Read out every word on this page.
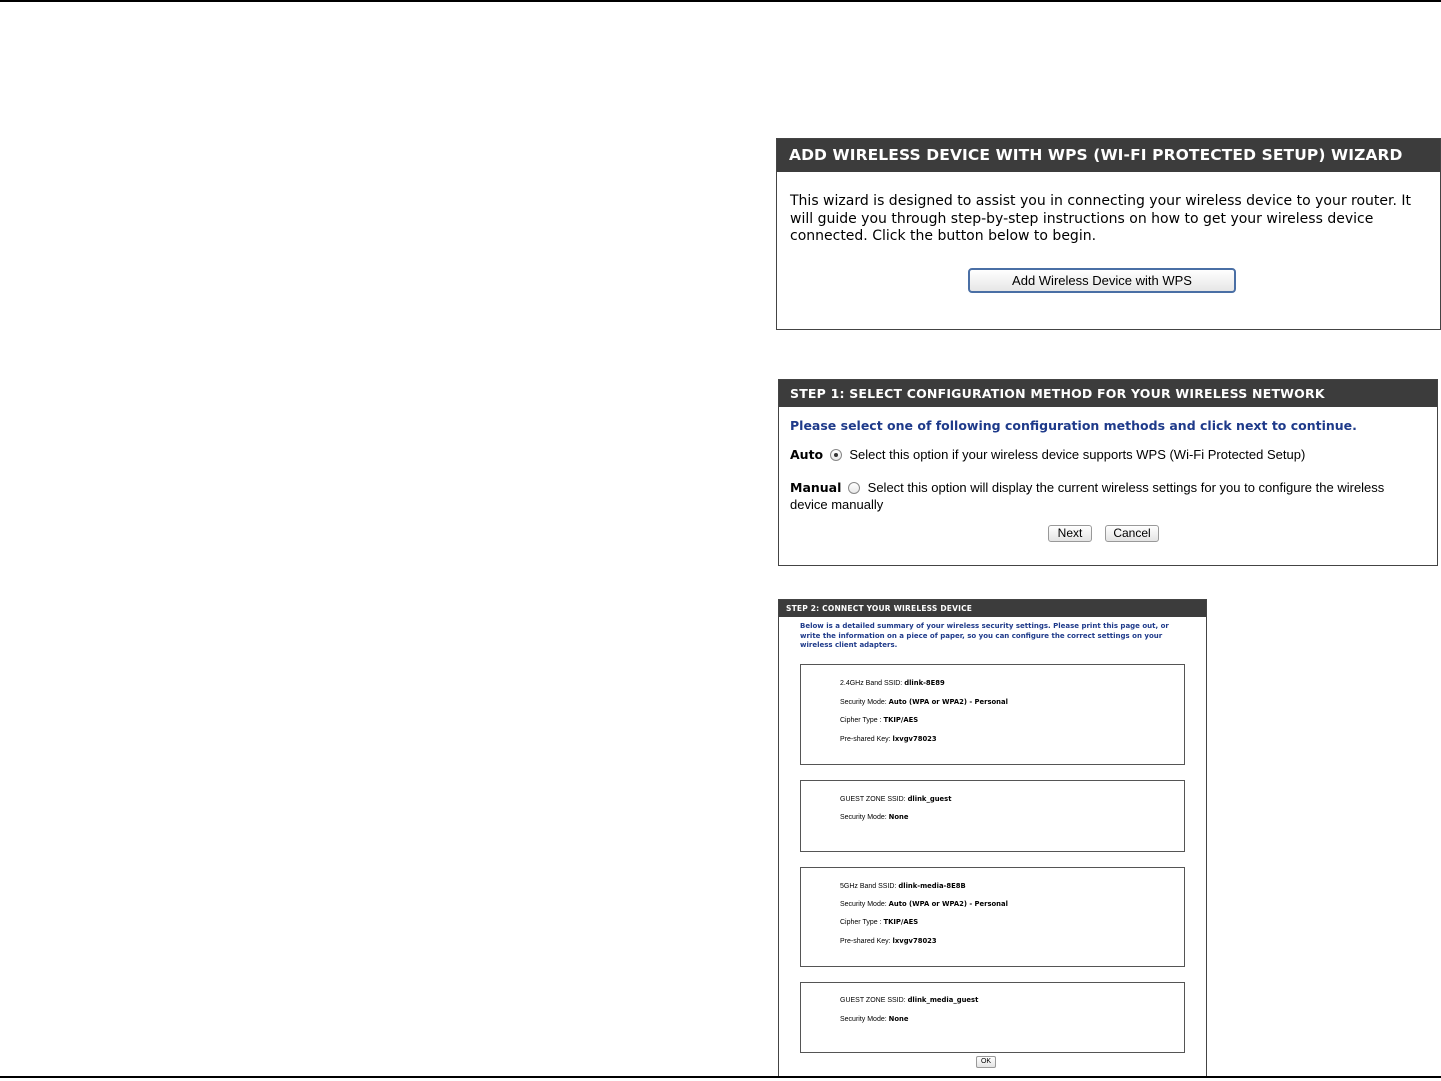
ADD WIRELESS DEVICE WITH WPS (WI-FI PROTECTED SETUP) WIZARD
This wizard is designed to assist you in connecting your wireless device to your router. It will guide you through step-by-step instructions on how to get your wireless device connected. Click the button below to begin.
Add Wireless Device with WPS
STEP 1: SELECT CONFIGURATION METHOD FOR YOUR WIRELESS NETWORK
Please select one of following configuration methods and click next to continue.
Auto Select this option if your wireless device supports WPS (Wi-Fi Protected Setup)
Manual Select this option will display the current wireless settings for you to configure the wireless device manually
Next	Cancel
STEP 2: CONNECT YOUR WIRELESS DEVICE
Below is a detailed summary of your wireless security settings. Please print this page out, or write the information on a piece of paper, so you can configure the correct settings on your wireless client adapters.
2.4GHz Band SSID: dlink-8E89
Security Mode: Auto (WPA or WPA2) - Personal
Cipher Type : TKIP/AES
Pre-shared Key: lxvgv78023
GUEST ZONE SSID: dlink_guest
Security Mode: None
5GHz Band SSID: dlink-media-8E8B
Security Mode: Auto (WPA or WPA2) - Personal
Cipher Type : TKIP/AES
Pre-shared Key: lxvgv78023
GUEST ZONE SSID: dlink_media_guest
Security Mode: None
OK
